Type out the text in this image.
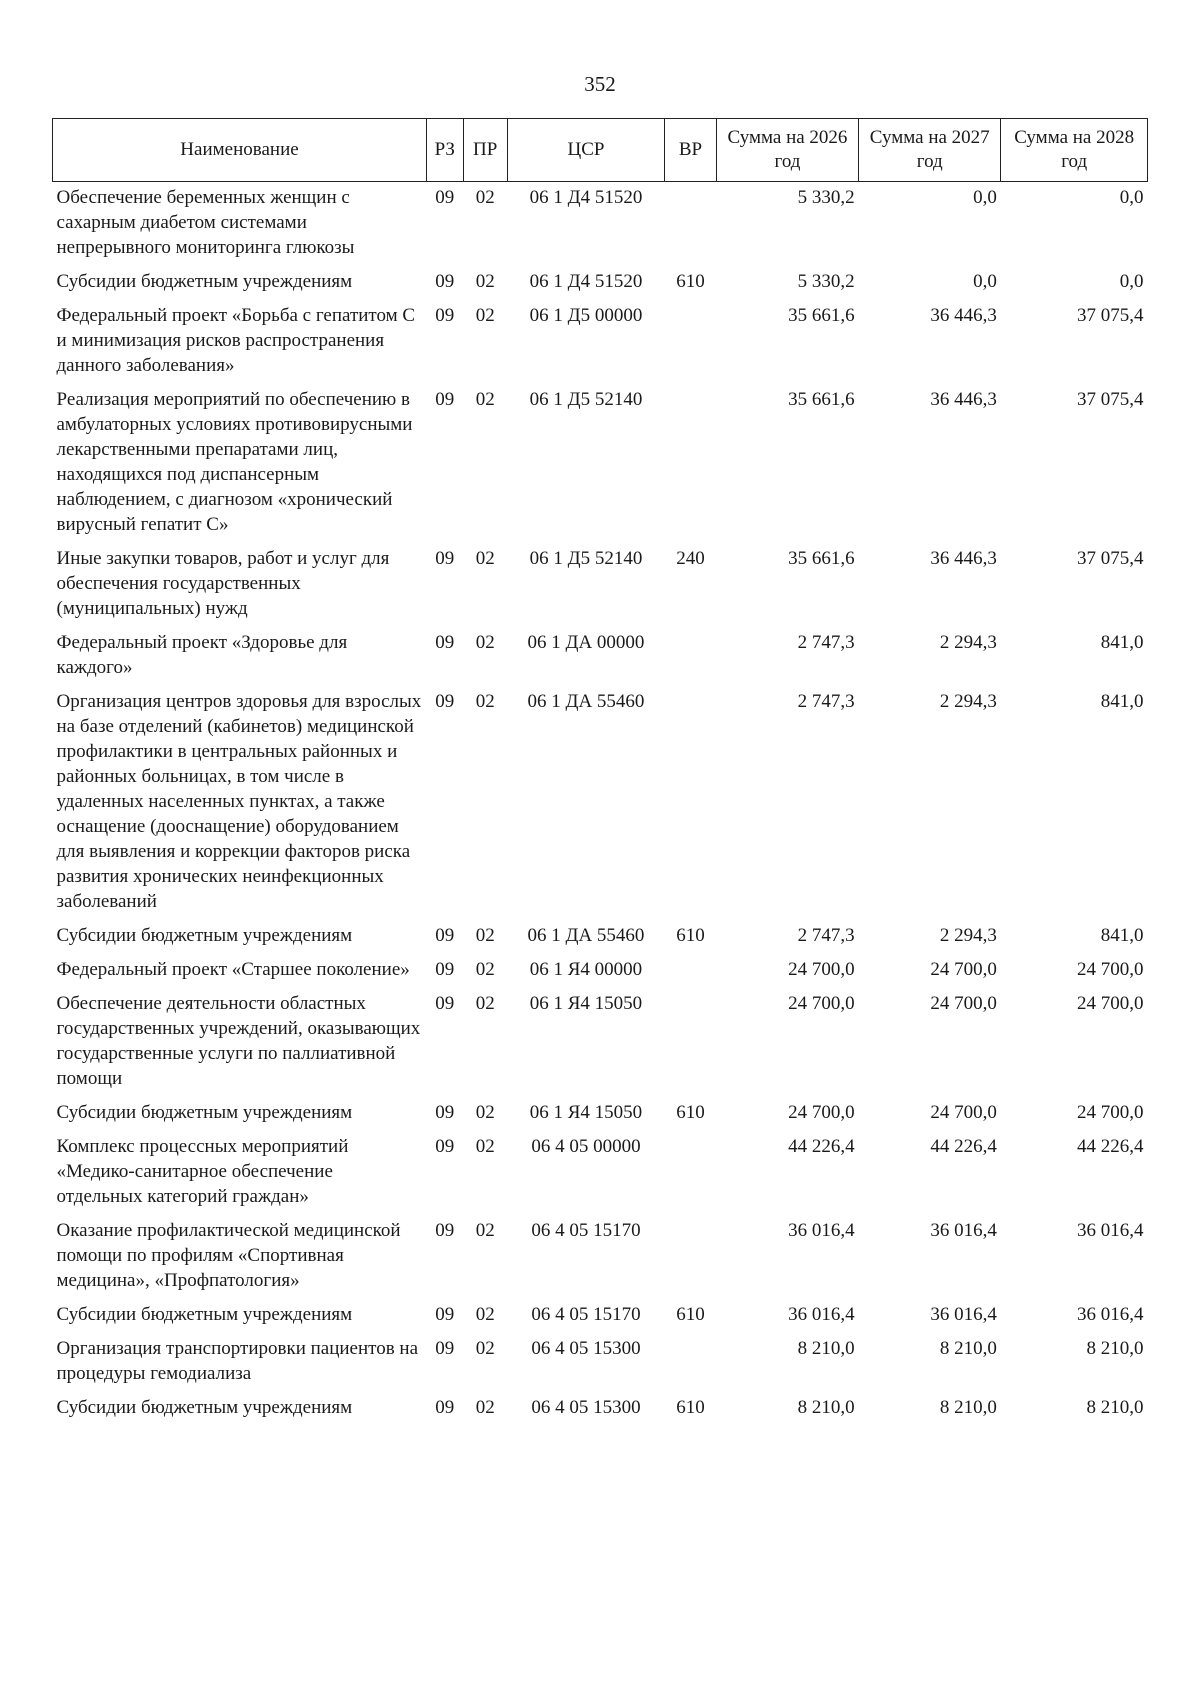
352
Наименование	РЗ	ПР	ЦСР	ВР	Сумма на 2026 год	Сумма на 2027 год	Сумма на 2028 год
Обеспечение беременных женщин с сахарным диабетом системами непрерывного мониторинга глюкозы	09	02	06 1 Д4 51520		5 330,2	0,0	0,0
Субсидии бюджетным учреждениям	09	02	06 1 Д4 51520	610	5 330,2	0,0	0,0
Федеральный проект «Борьба с гепатитом С и минимизация рисков распространения данного заболевания»	09	02	06 1 Д5 00000		35 661,6	36 446,3	37 075,4
Реализация мероприятий по обеспечению в амбулаторных условиях противовирусными лекарственными препаратами лиц, находящихся под диспансерным наблюдением, с диагнозом «хронический вирусный гепатит С»	09	02	06 1 Д5 52140		35 661,6	36 446,3	37 075,4
Иные закупки товаров, работ и услуг для обеспечения государственных (муниципальных) нужд	09	02	06 1 Д5 52140	240	35 661,6	36 446,3	37 075,4
Федеральный проект «Здоровье для каждого»	09	02	06 1 ДА 00000		2 747,3	2 294,3	841,0
Организация центров здоровья для взрослых на базе отделений (кабинетов) медицинской профилактики в центральных районных и районных больницах, в том числе в удаленных населенных пунктах, а также оснащение (дооснащение) оборудованием для выявления и коррекции факторов риска развития хронических неинфекционных заболеваний	09	02	06 1 ДА 55460		2 747,3	2 294,3	841,0
Субсидии бюджетным учреждениям	09	02	06 1 ДА 55460	610	2 747,3	2 294,3	841,0
Федеральный проект «Старшее поколение»	09	02	06 1 Я4 00000		24 700,0	24 700,0	24 700,0
Обеспечение деятельности областных государственных учреждений, оказывающих государственные услуги по паллиативной помощи	09	02	06 1 Я4 15050		24 700,0	24 700,0	24 700,0
Субсидии бюджетным учреждениям	09	02	06 1 Я4 15050	610	24 700,0	24 700,0	24 700,0
Комплекс процессных мероприятий «Медико-санитарное обеспечение отдельных категорий граждан»	09	02	06 4 05 00000		44 226,4	44 226,4	44 226,4
Оказание профилактической медицинской помощи по профилям «Спортивная медицина», «Профпатология»	09	02	06 4 05 15170		36 016,4	36 016,4	36 016,4
Субсидии бюджетным учреждениям	09	02	06 4 05 15170	610	36 016,4	36 016,4	36 016,4
Организация транспортировки пациентов на процедуры гемодиализа	09	02	06 4 05 15300		8 210,0	8 210,0	8 210,0
Субсидии бюджетным учреждениям	09	02	06 4 05 15300	610	8 210,0	8 210,0	8 210,0
